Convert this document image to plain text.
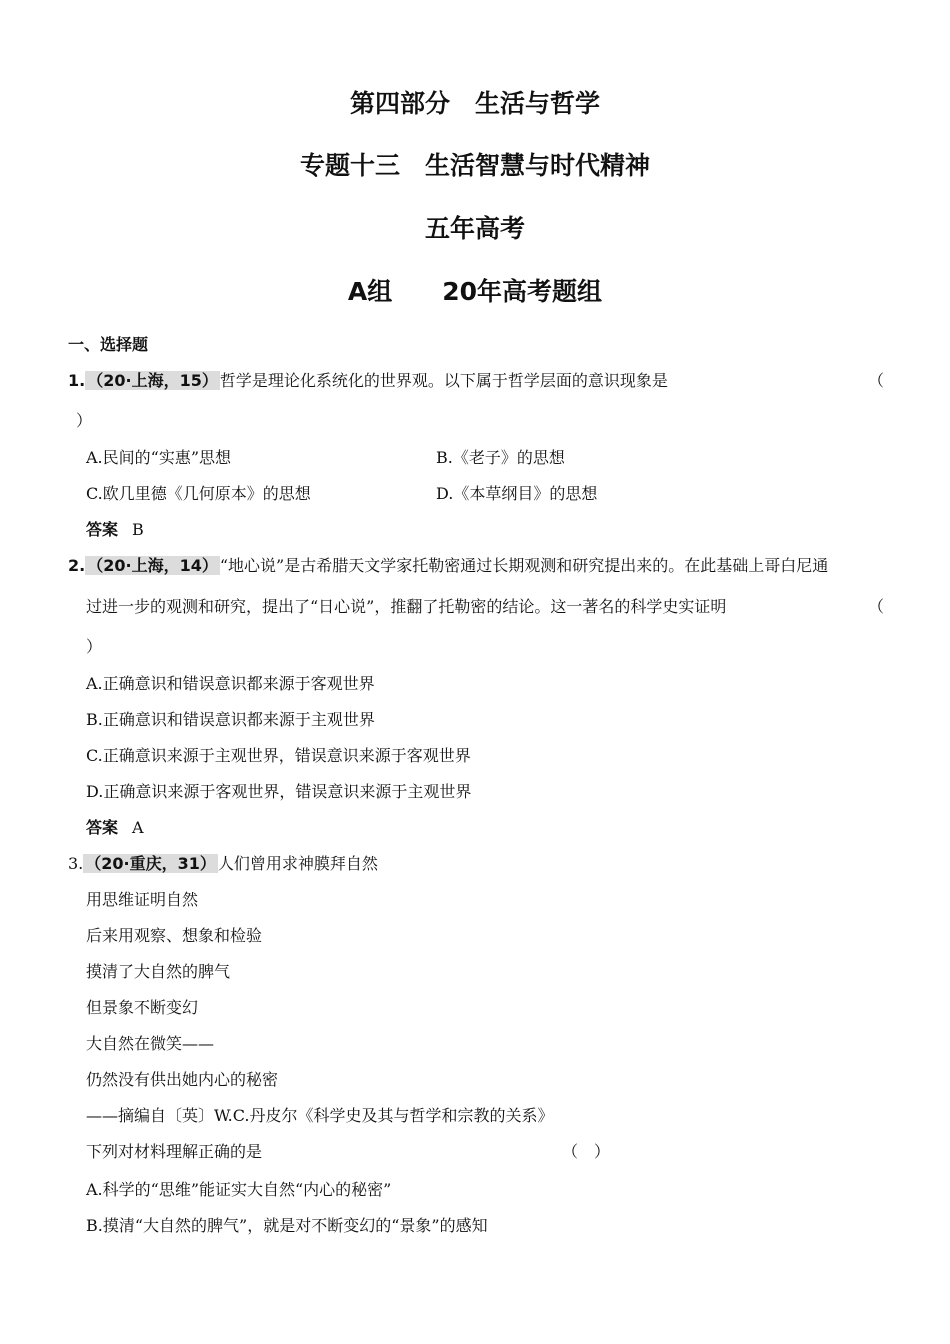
第四部分　生活与哲学
专题十三　生活智慧与时代精神
五年高考
A组　　20年高考题组
一、选择题
1. （20·上海，15） 哲学是理论化系统化的世界观。以下属于哲学层面的意识现象是	（
）
A.民间的“实惠”思想	B.《老子》的思想
C.欧几里德《几何原本》的思想	D.《本草纲目》的思想
答案 B
2. （20·上海，14） “地心说”是古希腊天文学家托勒密通过长期观测和研究提出来的。在此基础上哥白尼通
过进一步的观测和研究，提出了“日心说”，推翻了托勒密的结论。这一著名的科学史实证明	（
）
A.正确意识和错误意识都来源于客观世界
B.正确意识和错误意识都来源于主观世界
C.正确意识来源于主观世界，错误意识来源于客观世界
D.正确意识来源于客观世界，错误意识来源于主观世界
答案 A
3. （20·重庆，31） 人们曾用求神膜拜自然
用思维证明自然
后来用观察、想象和检验
摸清了大自然的脾气
但景象不断变幻
大自然在微笑——
仍然没有供出她内心的秘密
——摘编自〔英〕W.C.丹皮尔《科学史及其与哲学和宗教的关系》
下列对材料理解正确的是	（　）
A.科学的“思维”能证实大自然“内心的秘密”
B.摸清“大自然的脾气”，就是对不断变幻的“景象”的感知
